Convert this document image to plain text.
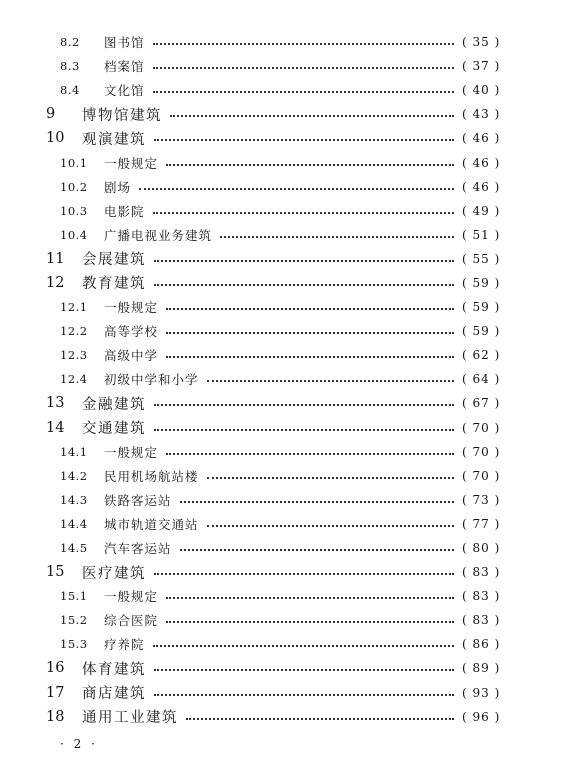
8.2 图书馆	( 35 )
8.3 档案馆	( 37 )
8.4 文化馆	( 40 )
9 博物馆建筑	( 43 )
10 观演建筑	( 46 )
10.1 一般规定	( 46 )
10.2 剧场	( 46 )
10.3 电影院	( 49 )
10.4 广播电视业务建筑	( 51 )
11 会展建筑	( 55 )
12 教育建筑	( 59 )
12.1 一般规定	( 59 )
12.2 高等学校	( 59 )
12.3 高级中学	( 62 )
12.4 初级中学和小学	( 64 )
13 金融建筑	( 67 )
14 交通建筑	( 70 )
14.1 一般规定	( 70 )
14.2 民用机场航站楼	( 70 )
14.3 铁路客运站	( 73 )
14.4 城市轨道交通站	( 77 )
14.5 汽车客运站	( 80 )
15 医疗建筑	( 83 )
15.1 一般规定	( 83 )
15.2 综合医院	( 83 )
15.3 疗养院	( 86 )
16 体育建筑	( 89 )
17 商店建筑	( 93 )
18 通用工业建筑	( 96 )
· 2 ·
